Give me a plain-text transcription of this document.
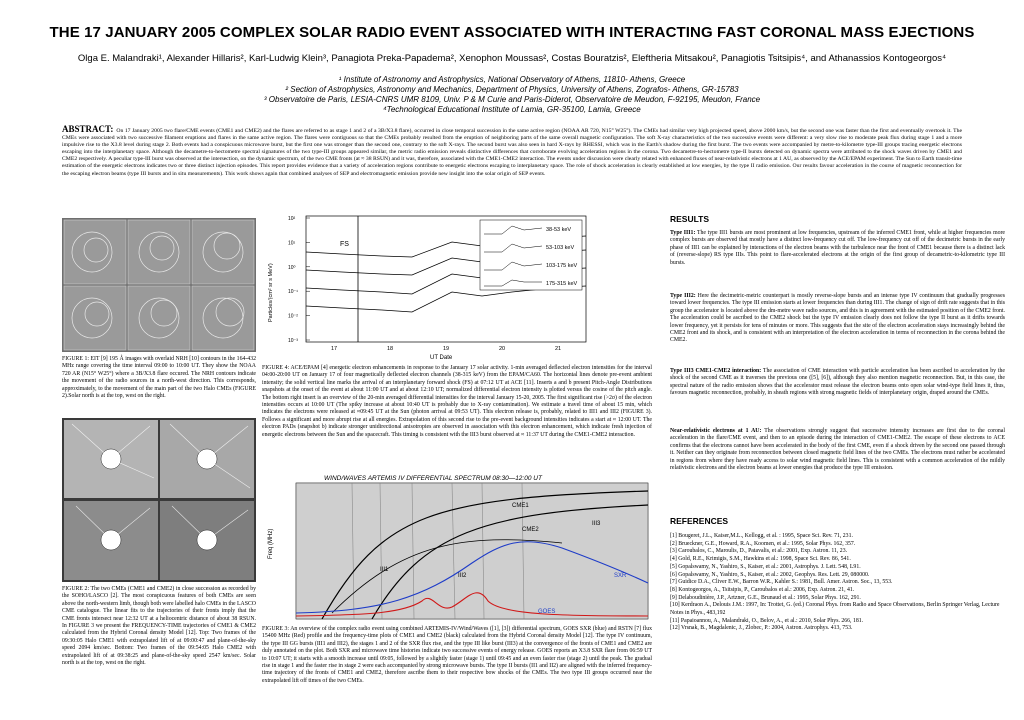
THE 17 JANUARY 2005 COMPLEX SOLAR RADIO EVENT ASSOCIATED WITH INTERACTING FAST CORONAL MASS EJECTIONS
Olga E. Malandraki¹, Alexander Hillaris², Karl-Ludwig Klein³, Panagiota Preka-Papadema², Xenophon Moussas², Costas Bouratzis², Eleftheria Mitsakou², Panagiotis Tsitsipis⁴, and Athanassios Kontogeorgos⁴
¹ Institute of Astronomy and Astrophysics, National Observatory of Athens, 11810- Athens, Greece
² Section of Astrophysics, Astronomy and Mechanics, Department of Physics, University of Athens, Zografos- Athens, GR-15783
³ Observatoire de Paris, LESIA-CNRS UMR 8109, Univ. P & M Curie and Paris-Diderot, Observatoire de Meudon, F-92195, Meudon, France
⁴Technological Educational Institute of Lamia, GR-35100, Lamia, Greece
ABSTRACT: On 17 January 2005 two flare/CME events (CME1 and CME2) and the flares are referred to as stage 1 and 2 of a 3B/X3.8 flare), occurred in close temporal succession in the same active region (NOAA AR 720, N15° W25°). The CMEs had similar very high projected speed, above 2000 km/s, but the second one was faster than the first and eventually overtook it. The CMEs were associated with two successive filament eruptions and flares in the same active region. The flares were contiguous so that the CMEs probably resulted from the eruption of neighboring parts of the same overall magnetic configuration. The soft X-ray characteristics of the two successive events were different: a very slow rise to moderate peak flux during stage 1 and a more impulsive rise to the X3.8 level during stage 2. Both events had a conspicuous microwave burst, but the first one was stronger than the second one, contrary to the soft X-rays. The second burst was also seen in hard X-rays by RHESSI, which was in the Earth's shadow during the first burst. The two events were accompanied by metre-to-kilometre type-III groups tracing energetic electrons escaping into the interplanetary space. Although the decametre-to-hectometre spectral signatures of the two type-III groups appeared similar, the metric radio emission reveals distinctive differences that corroborate evolving acceleration regions in the corona. Two decametre-to-hectometre type-II bursts detected on dynamic spectra were attributed to the shock waves driven by CME1 and CME2 respectively. A peculiar type-III burst was observed at the intersection, on the dynamic spectrum, of the two CME fronts (at ≈ 38 RSUN) and it was, therefore, associated with the CME1-CME2 interaction. The events under discussion were clearly related with enhanced fluxes of near-relativistic electrons at 1 AU, as observed by the ACE/EPAM experiment. The Sun to Earth transit-time estimation of the energetic electrons indicates two or three distinct injection episodes. This report provides evidence that a variety of acceleration regions contribute to energetic electrons escaping to interplanetary space. The role of shock acceleration is clearly established at low energies, by the type II radio emission. Our results favour acceleration in the course of magnetic reconnection for the escaping electron beams (type III bursts and in situ measurements). This work shows again that combined analyses of SEP and electromagnetic emission provide new insight into the solar origin of SEP events.
FIGURE 1: EIT [9] 195 Å images with overlaid NRH [10] contours in the 164-432 MHz range covering the time interval 09:00 to 10:00 UT. They show the NOAA 720 AR (N15° W25°) where a 3B/X3.8 flare occured. The NRH contours indicate the movement of the radio sources in a north-west direction. This corresponds, approximately, to the movement of the main part of the two Halo CMEs (FIGURE 2).Solar north is at the top, west on the right.
FIGURE 2: The two CMEs (CME1 and CME2) in close succession as recorded by the SOHO/LASCO [2]. The most conspicuous features of both CMEs are seen above the north-western limb, though both were labelled halo CMEs in the LASCO CME catalogue. The linear fits to the trajectories of their fronts imply that the CME fronts intersect near 12:32 UT at a heliocentric distance of about 38 RSUN. In FIGURE 3 we present the FREQUENCY-TIME trajectories of CME1 & CME2 calculated from the Hybrid Coronal density Model [12]. Top: Two frames of the 09:30:05 Halo CME1 with extrapolated lift of at 09:00:47 and plane-of-the-sky speed 2094 km/sec. Bottom: Two frames of the 09:54:05 Halo CME2 with extrapolated lift of at 09:38:25 and plane-of-the-sky speed 2547 km/sec. Solar north is at the top, west on the right.
10²
10¹
10⁰
10⁻¹
10⁻²
10⁻³
17	18	19	20	21
FS
38-53 keV
53-103 keV
103-175 keV
175-315 keV
Particles/(cm² sr s MeV)
UT Date
FIGURE 4: ACE/EPAM [4] energetic electron enhancements in response to the January 17 solar activity. 1-min averaged deflected electron intensities for the interval 04:00-20:00 UT on January 17 of four magnetically deflected electron channels (38-315 keV) from the EPAM/CA60. The horizontal lines denote pre-event ambient intensity; the solid vertical line marks the arrival of an interplanetary forward shock (FS) at 07:12 UT at ACE [11]. Inserts a and b present Pitch-Angle Distributions snapshots at the onset of the event at about 11:00 UT and at about 12:10 UT; normalized differential electron intensity is plotted versus the cosine of the pitch angle. The bottom right insert is an overview of the 20-min averaged differential intensities for the interval January 15-20, 2005. The first significant rise (>2σ) of the electron intensities occurs at 10:00 UT (The spiky increase at about 10:40 UT is probably due to X-ray contamination). We estimate a travel time of about 15 min, which indicates the electrons were released at ≈09:45 UT at the Sun (photon arrival at 09:53 UT). This electron release is, probably, related to III1 and III2 (FIGURE 3). Follows a significant and more abrupt rise at all energies. Extrapolation of this second rise to the pre-event background intensities indicates a start at ≈ 12:00 UT. The electron PADs (snapshot b) indicate stronger unidirectional anisotropies are observed in association with this electron enhancement, which indicate fresh injection of energetic electrons between the Sun and the spacecraft. This timing is consistent with the III3 burst observed at ≈ 11:37 UT during the CME1-CME2 interaction.
WIND/WAVES ARTEMIS IV DIFFERENTIAL SPECTRUM 08:30—12:00 UT
Freq (MHz)
III1
III2
III3
CME1
CME2
SXR
GOES
FIGURE 3: An overview of the complex radio event using combined ARTEMIS-IV/Wind/Waves ([1], [3]) differential spectrum, GOES SXR (blue) and RSTN [7] flux 15400 MHz (Red) profile and the frequency-time plots of CME1 and CME2 (black) calculated from the Hybrid Coronal density Model [12]. The type IV continuum, the type III GG bursts (III1 and III2), the stages 1 and 2 of the SXR flux rise, and the type III like burst (III3) at the convergence of the fronts of CME1 and CME2 are duly annotated on the plot. Both SXR and microwave time histories indicate two successive events of energy release. GOES reports an X3.8 SXR flare from 06:59 UT to 10:07 UT; it starts with a smooth increase until 09:05, followed by a slightly faster (stage 1) until 09:45 and an even faster rise (stage 2) until the peak. The gradual rise in stage 1 and the faster rise in stage 2 were each accompanied by strong microwave bursts. The type II bursts (II1 and II2) are aligned with the inferred frequency-time trajectory of the fronts of CME1 and CME2, therefore ascribe them to their respective bow shocks of the CMEs. The two type III groups occurred near the extrapolated lift off times of the two CMEs.
RESULTS
Type III1: The type III1 bursts are most prominent at low frequencies, upstream of the inferred CME1 front, while at higher frequencies more complex bursts are observed that mostly have a distinct low-frequency cut off. The low-frequency cut off of the decimetric bursts in the early phase of III1 can be explained by interactions of the electron beams with the turbulence near the front of CME1 because there is a distinct lack of (reverse-slope) RS type IIIs. This point to flare-accelerated electrons at the origin of the first group of decametric-to-kilometric type III bursts.
Type III2: Here the decimetric-metric counterpart is mostly reverse-slope bursts and an intense type IV continuum that gradually progresses toward lower frequencies. The type III emission starts at lower frequencies than during III1. The change of sign of drift rate suggests that in this group the accelerator is located above the dm-metre wave radio sources, and this is in agreement with the estimated position of the CME2 front. The acceleration could be ascribed to the CME2 shock but the type IV emission clearly does not follow the type II burst as it drifts towards lower frequency, yet it persists for tens of minutes or more. This suggests that the site of the electron acceleration stays increasingly behind the CME2 front and its shock, and is consistent with an interpretation of the electron acceleration in terms of reconnection in the corona behind the CME2.
Type III3 CME1-CME2 interaction: The association of CME interaction with particle acceleration has been ascribed to acceleration by the shock of the second CME as it traverses the previous one ([5], [6]), although they also mention magnetic reconnection. But, in this case, the spectral nature of the radio emission shows that the accelerator must release the electron beams onto open solar wind-type field lines it, thus, favours magnetic reconnection, probably, in sheath regions with strong magnetic fields of interplanetary origin, draped around the CMEs.
Near-relativistic electrons at 1 AU: The observations strongly suggest that successive intensity increases are first due to the coronal acceleration in the flare/CME event, and then to an episode during the interaction of CME1-CME2. The escape of these electrons to ACE confirms that the electrons cannot have been accelerated in the body of the first CME, even if a shock driven by the second one passed through it. Neither can they originate from reconnection between closed magnetic field lines of the two CMEs. The electrons must rather be accelerated in regions from where they have ready access to solar wind magnetic field lines. This is consistent with a common acceleration of the mildly relativistic electrons and the electron beams at lower energies that produce the type III emission.
REFERENCES
[1] Bougeret, J.L., Kaiser,M.L., Kellogg, et al. : 1995, Space Sci. Rev. 71, 231.
[2] Brueckner, G.E., Howard, R.A., Koomen, et al.: 1995, Solar Phys. 162, 357.
[3] Caroubalos, C., Maroulis, D., Patavalis, et al.: 2001, Exp. Astron. 11, 23.
[4] Gold, R.E., Krimigis, S.M., Hawkins et al.: 1998, Space Sci. Rev. 86, 541.
[5] Gopalswamy, N., Yashiro, S., Kaiser, et al.: 2001, Astrophys. J. Lett. 548, L91.
[6] Gopalswamy, N., Yashiro, S., Kaiser, et al.: 2002, Geophys. Res. Lett. 29, 080000.
[7] Guidice D.A., Cliver E.W., Barron W.R., Kahler S.: 1981, Bull. Amer. Astron. Soc., 13, 553.
[8] Kontogeorgos, A., Tsitsipis, P., Caroubalos et al.: 2006, Exp. Astron. 21, 41.
[9] Delaboudinière, J.P., Artzner, G.E., Brunaud et al.: 1995, Solar Phys. 162, 291.
[10] Kerdraon A., Delouis J.M.: 1997, In: Trottet, G. (ed.) Coronal Phys. from Radio and Space Observations, Berlin Springer Verlag, Lecture Notes in Phys., 483,192
[11] Papaioannou, A., Malandraki, O., Belov, A., et al.: 2010, Solar Phys. 266, 181.
[12] Vrsnak, B., Magdalenic, J., Zlobec, P.: 2004, Astron. Astrophys. 413, 753.
